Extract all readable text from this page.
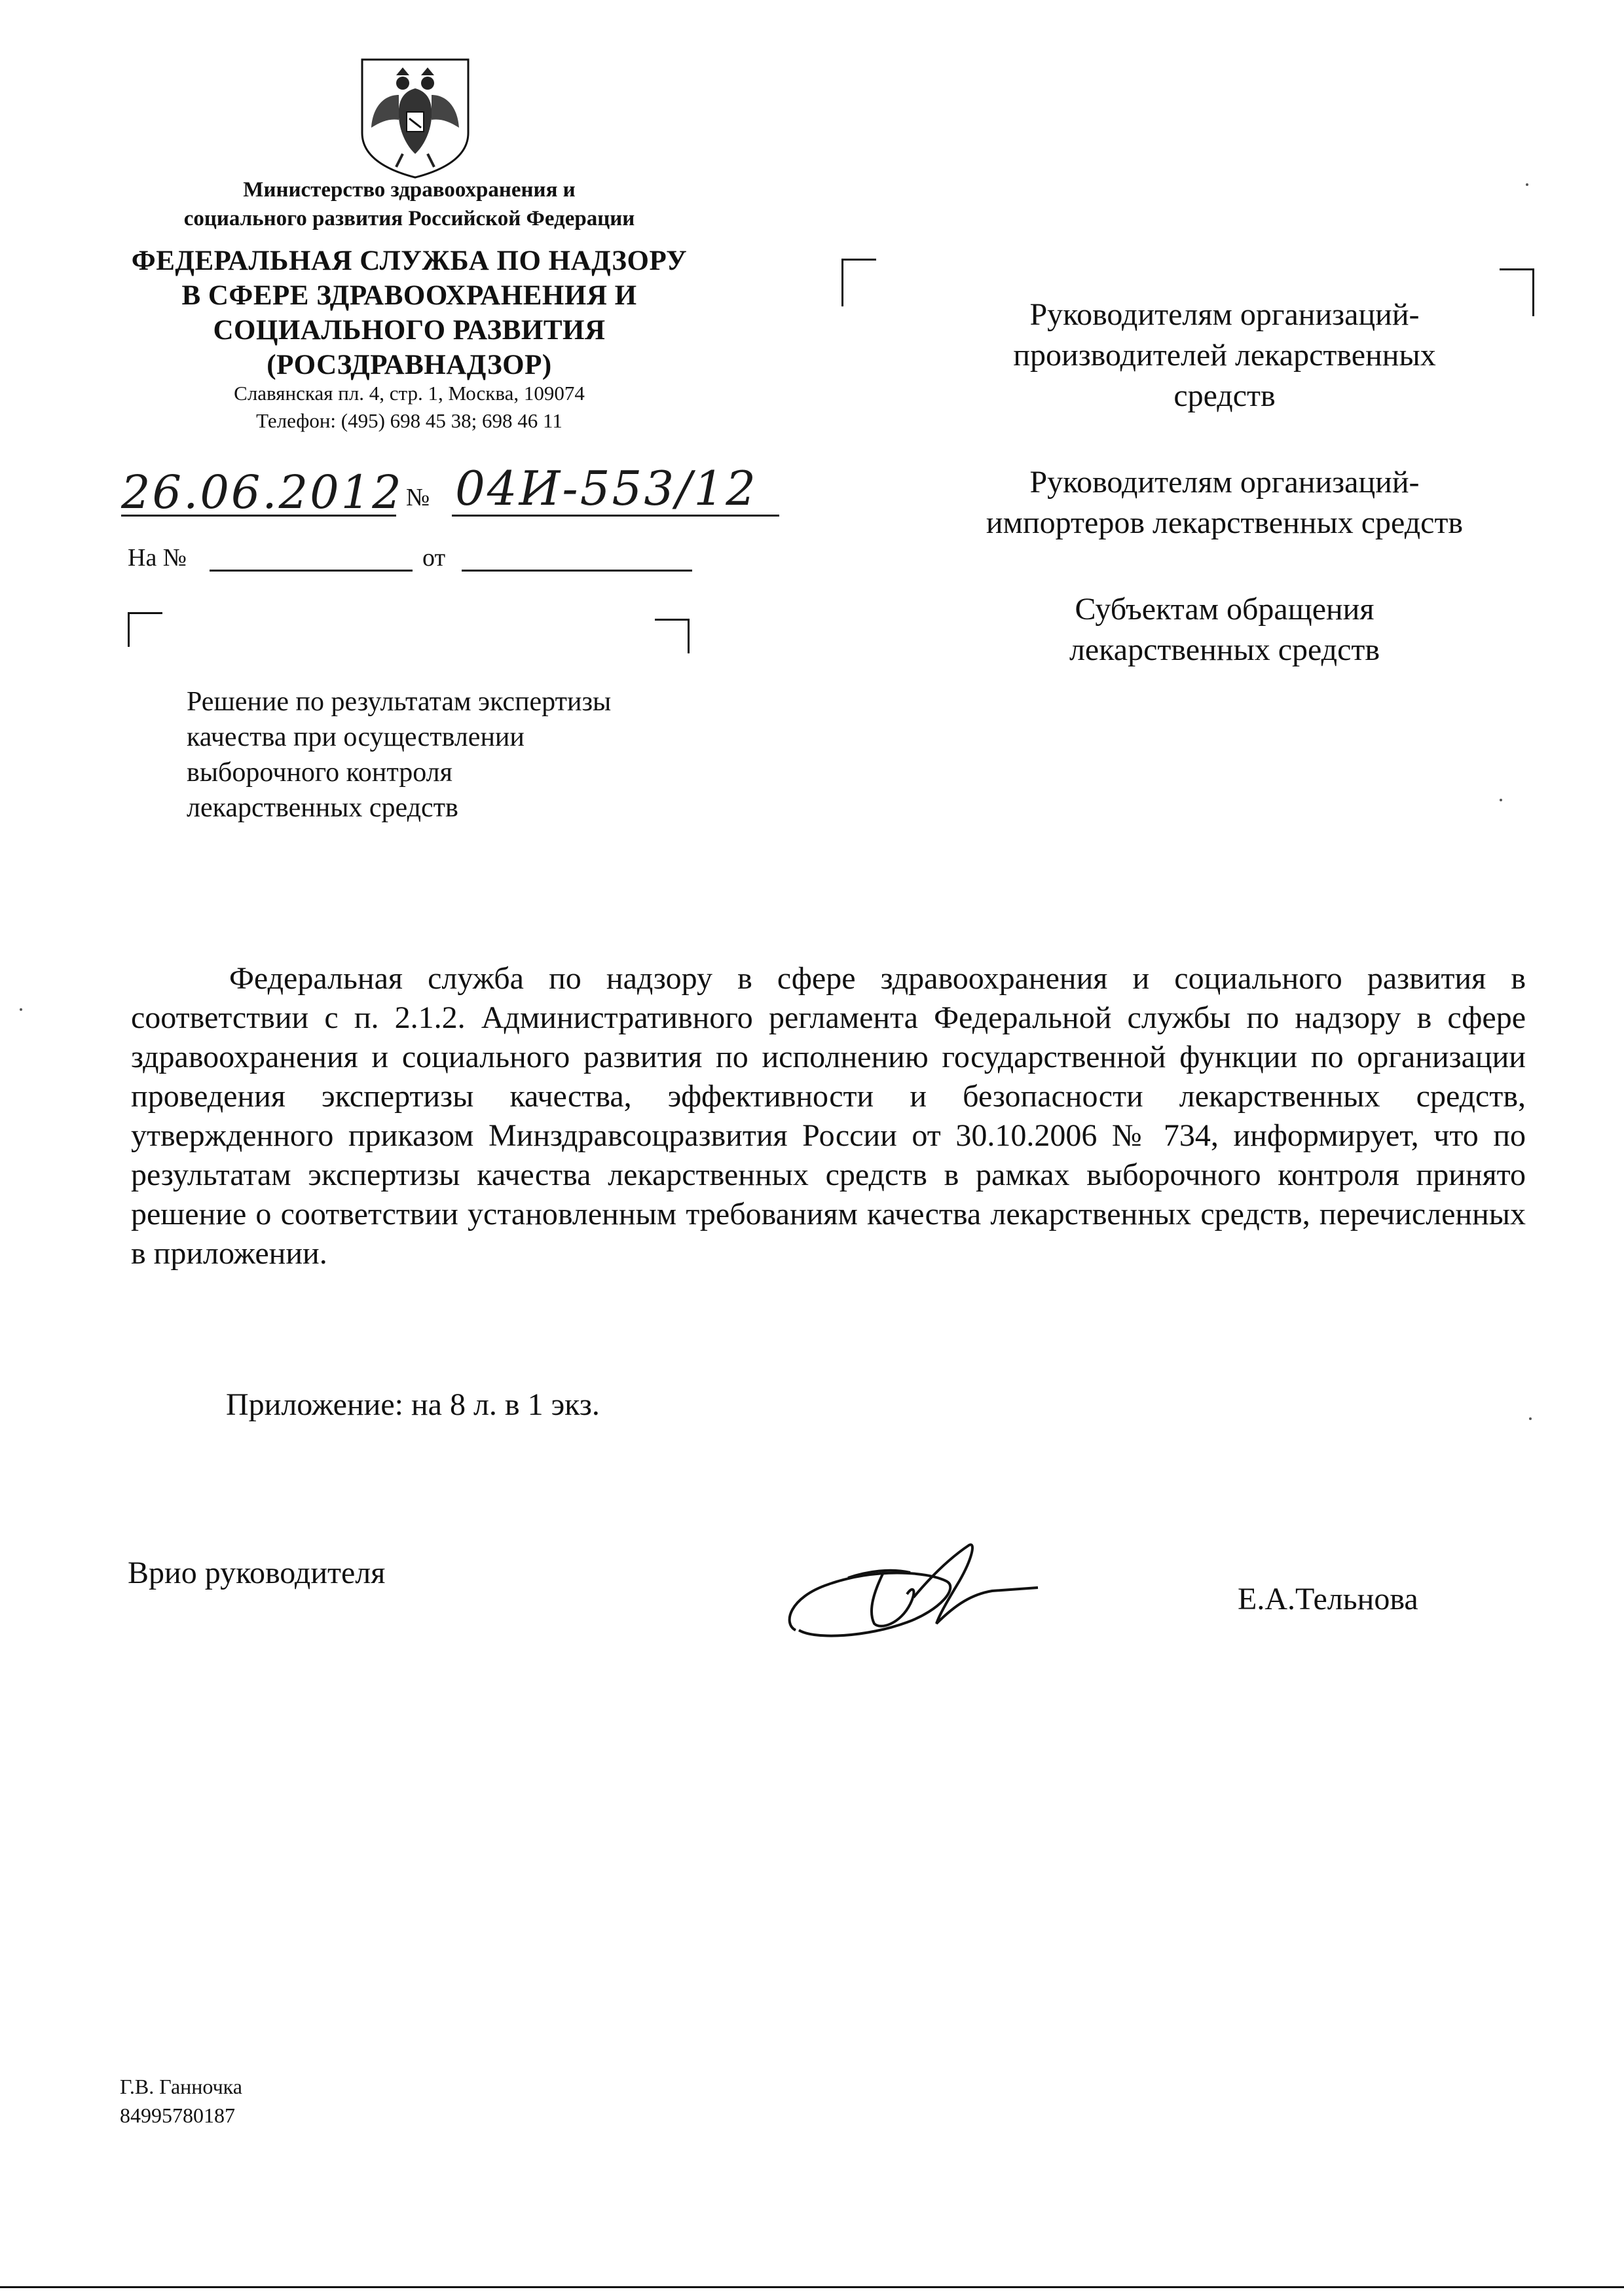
Министерство здравоохранения и
социального развития Российской Федерации
ФЕДЕРАЛЬНАЯ СЛУЖБА ПО НАДЗОРУ
В СФЕРЕ ЗДРАВООХРАНЕНИЯ И
СОЦИАЛЬНОГО РАЗВИТИЯ
(РОСЗДРАВНАДЗОР)
Славянская пл. 4, стр. 1, Москва, 109074
Телефон: (495) 698 45 38; 698 46 11
26.06.2012 № 04И-553/12
На №	от
Решение по результатам экспертизы
качества при осуществлении
выборочного контроля
лекарственных средств

Руководителям организаций-
производителей лекарственных
средств

Руководителям организаций-
импортеров лекарственных средств

Субъектам обращения
лекарственных средств

Федеральная служба по надзору в сфере здравоохранения и социального развития в соответствии с п. 2.1.2. Административного регламента Федеральной службы по надзору в сфере здравоохранения и социального развития по исполнению государственной функции по организации проведения экспертизы качества, эффективности и безопасности лекарственных средств, утвержденного приказом Минздравсоцразвития России от 30.10.2006 № 734, информирует, что по результатам экспертизы качества лекарственных средств в рамках выборочного контроля принято решение о соответствии установленным требованиям качества лекарственных средств, перечисленных в приложении.
Приложение: на 8 л. в 1 экз.
Врио руководителя
Е.А.Тельнова
Г.В. Ганночка
84995780187
